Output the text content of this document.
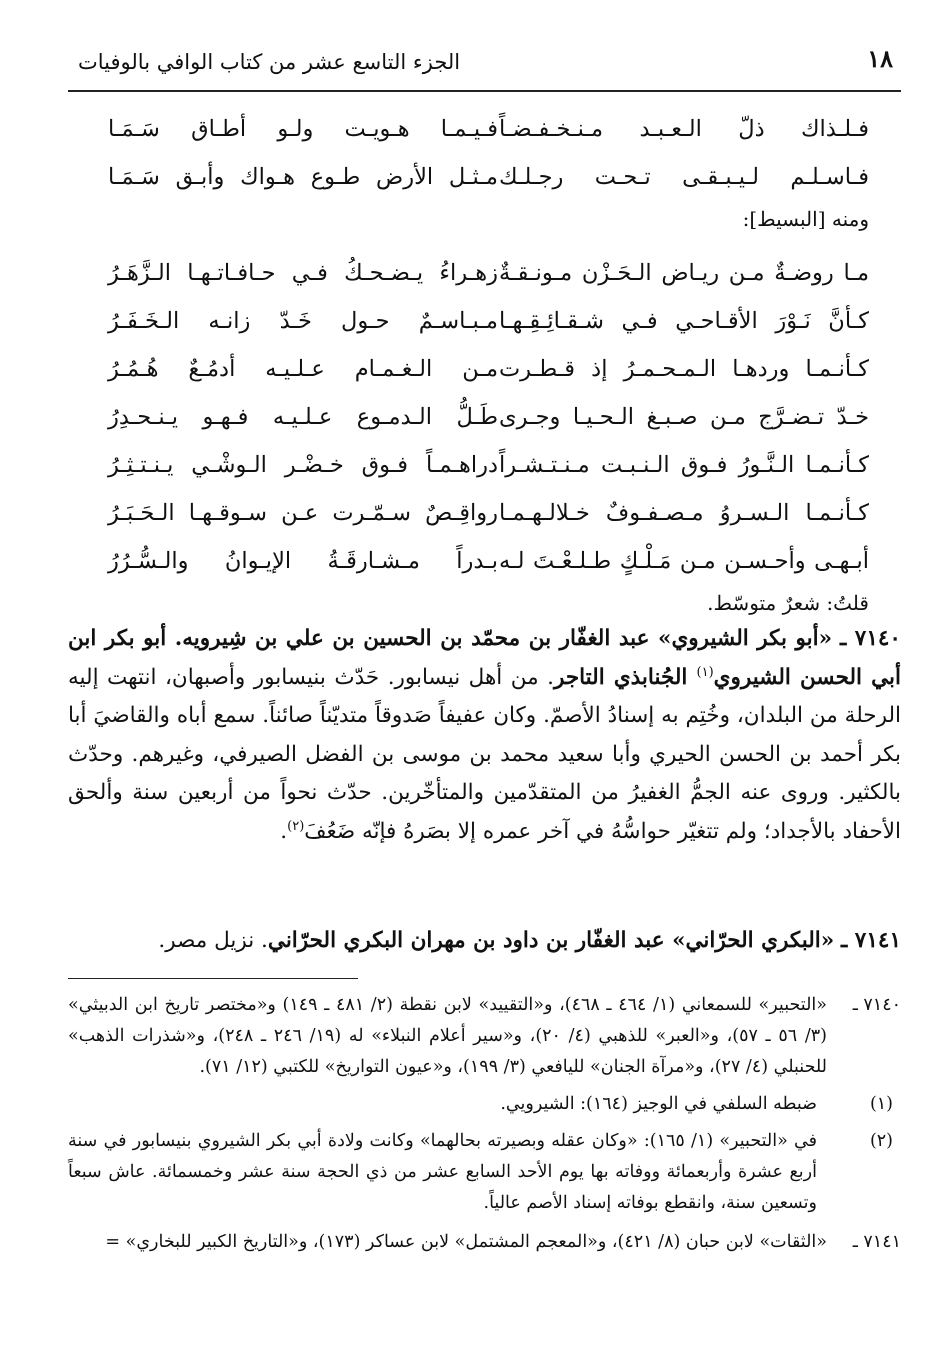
١٨
الجزء التاسع عشر من كتاب الوافي بالوفيات
فـلـذاك ذلّ الـعـبـد مـنـخـفـضـاً
فـيـمـا هـويـت ولـو أطـاق سَـمَـا
فـاسـلـم لـيـبـقـى تـحـت رجـلـك
مـثـل الأرض طـوع هـواك وأبـق سَـمَـا
ومنه [البسيط]:
مـا روضـةٌ مـن ريـاض الـحَـزْن مـونـقـةٌ
زهـراءُ يـضـحـكُ فـي حـافـاتـهـا الـزَّهَـرُ
كـأنَّ نَـوْرَ الأقـاحـي فـي شـقـائِـقِـهـا
مـبـاسـمٌ حـول خَـدّ زانـه الـخَـفَـرُ
كـأنـمـا وردهـا الـمـحـمـرُ إذ قـطـرت
مـن الـغـمـام عـلـيـه أدمُـعٌ هُـمُـرُ
خـدّ تـضـرَّج مـن صـبـغ الـحـيـا وجـرى
طَـلُّ الـدمـوع عـلـيـه فـهـو يـنـحـدِرُ
كـأنـمـا الـنَّـورُ فـوق الـنـبـت مـنـتـشـراً
دراهـمـاً فـوق خـضْـر الـوشْـي يـنـتـثِـرُ
كـأنـمـا الـسـروُ مـصـفـوفٌ خـلالـهـمـا
رواقِـصٌ سـمّـرت عـن سـوقـهـا الـحَـبَـرُ
أبـهـى وأحـسـن مـن مَـلْـكٍ طـلـعْـتَ لـه
بـدراً مـشـارقَـةُ الإيـوانُ والـسُّـرُرُ
قلتُ: شعرٌ متوسّط.
٧١٤٠ ـ «أبو بكر الشيروي» عبد الغفّار بن محمّد بن الحسين بن علي بن شِيرويه. أبو بكر ابن أبي الحسن الشيروي$^{(١)}$ الجُنابذي التاجر. من أهل نيسابور. حَدّث بنيسابور وأصبهان، انتهت إليه الرحلة من البلدان، وخُتِم به إسنادُ الأصمّ. وكان عفيفاً صَدوقاً متديّناً صائناً. سمع أباه والقاضيَ أبا بكر أحمد بن الحسن الحيري وأبا سعيد محمد بن موسى بن الفضل الصيرفي، وغيرهم. وحدّث بالكثير. وروى عنه الجمُّ الغفيرُ من المتقدّمين والمتأخّرين. حدّث نحواً من أربعين سنة وألحق الأحفاد بالأجداد؛ ولم تتغيّر حواسُّهُ في آخر عمره إلا بصَرهُ فإنّه ضَعُفَ$^{(٢)}$.
٧١٤١ ـ «البكري الحرّاني» عبد الغفّار بن داود بن مهران البكري الحرّاني. نزيل مصر.
٧١٤٠ ـ
«التحبير» للسمعاني (١/ ٤٦٤ ـ ٤٦٨)، و«التقييد» لابن نقطة (٢/ ٤٨١ ـ ١٤٩) و«مختصر تاريخ ابن الدبيثي» (٣/ ٥٦ ـ ٥٧)، و«العبر» للذهبي (٤/ ٢٠)، و«سير أعلام النبلاء» له (١٩/ ٢٤٦ ـ ٢٤٨)، و«شذرات الذهب» للحنبلي (٤/ ٢٧)، و«مرآة الجنان» لليافعي (٣/ ١٩٩)، و«عيون التواريخ» للكتبي (١٢/ ٧١).
(١)
ضبطه السلفي في الوجيز (١٦٤): الشيرويي.
(٢)
في «التحبير» (١/ ١٦٥): «وكان عقله وبصيرته بحالهما» وكانت ولادة أبي بكر الشيروي بنيسابور في سنة أربع عشرة وأربعمائة ووفاته بها يوم الأحد السابع عشر من ذي الحجة سنة عشر وخمسمائة. عاش سبعاً وتسعين سنة، وانقطع بوفاته إسناد الأصم عالياً.
٧١٤١ ـ
«الثقات» لابن حبان (٨/ ٤٢١)، و«المعجم المشتمل» لابن عساكر (١٧٣)، و«التاريخ الكبير للبخاري» =
